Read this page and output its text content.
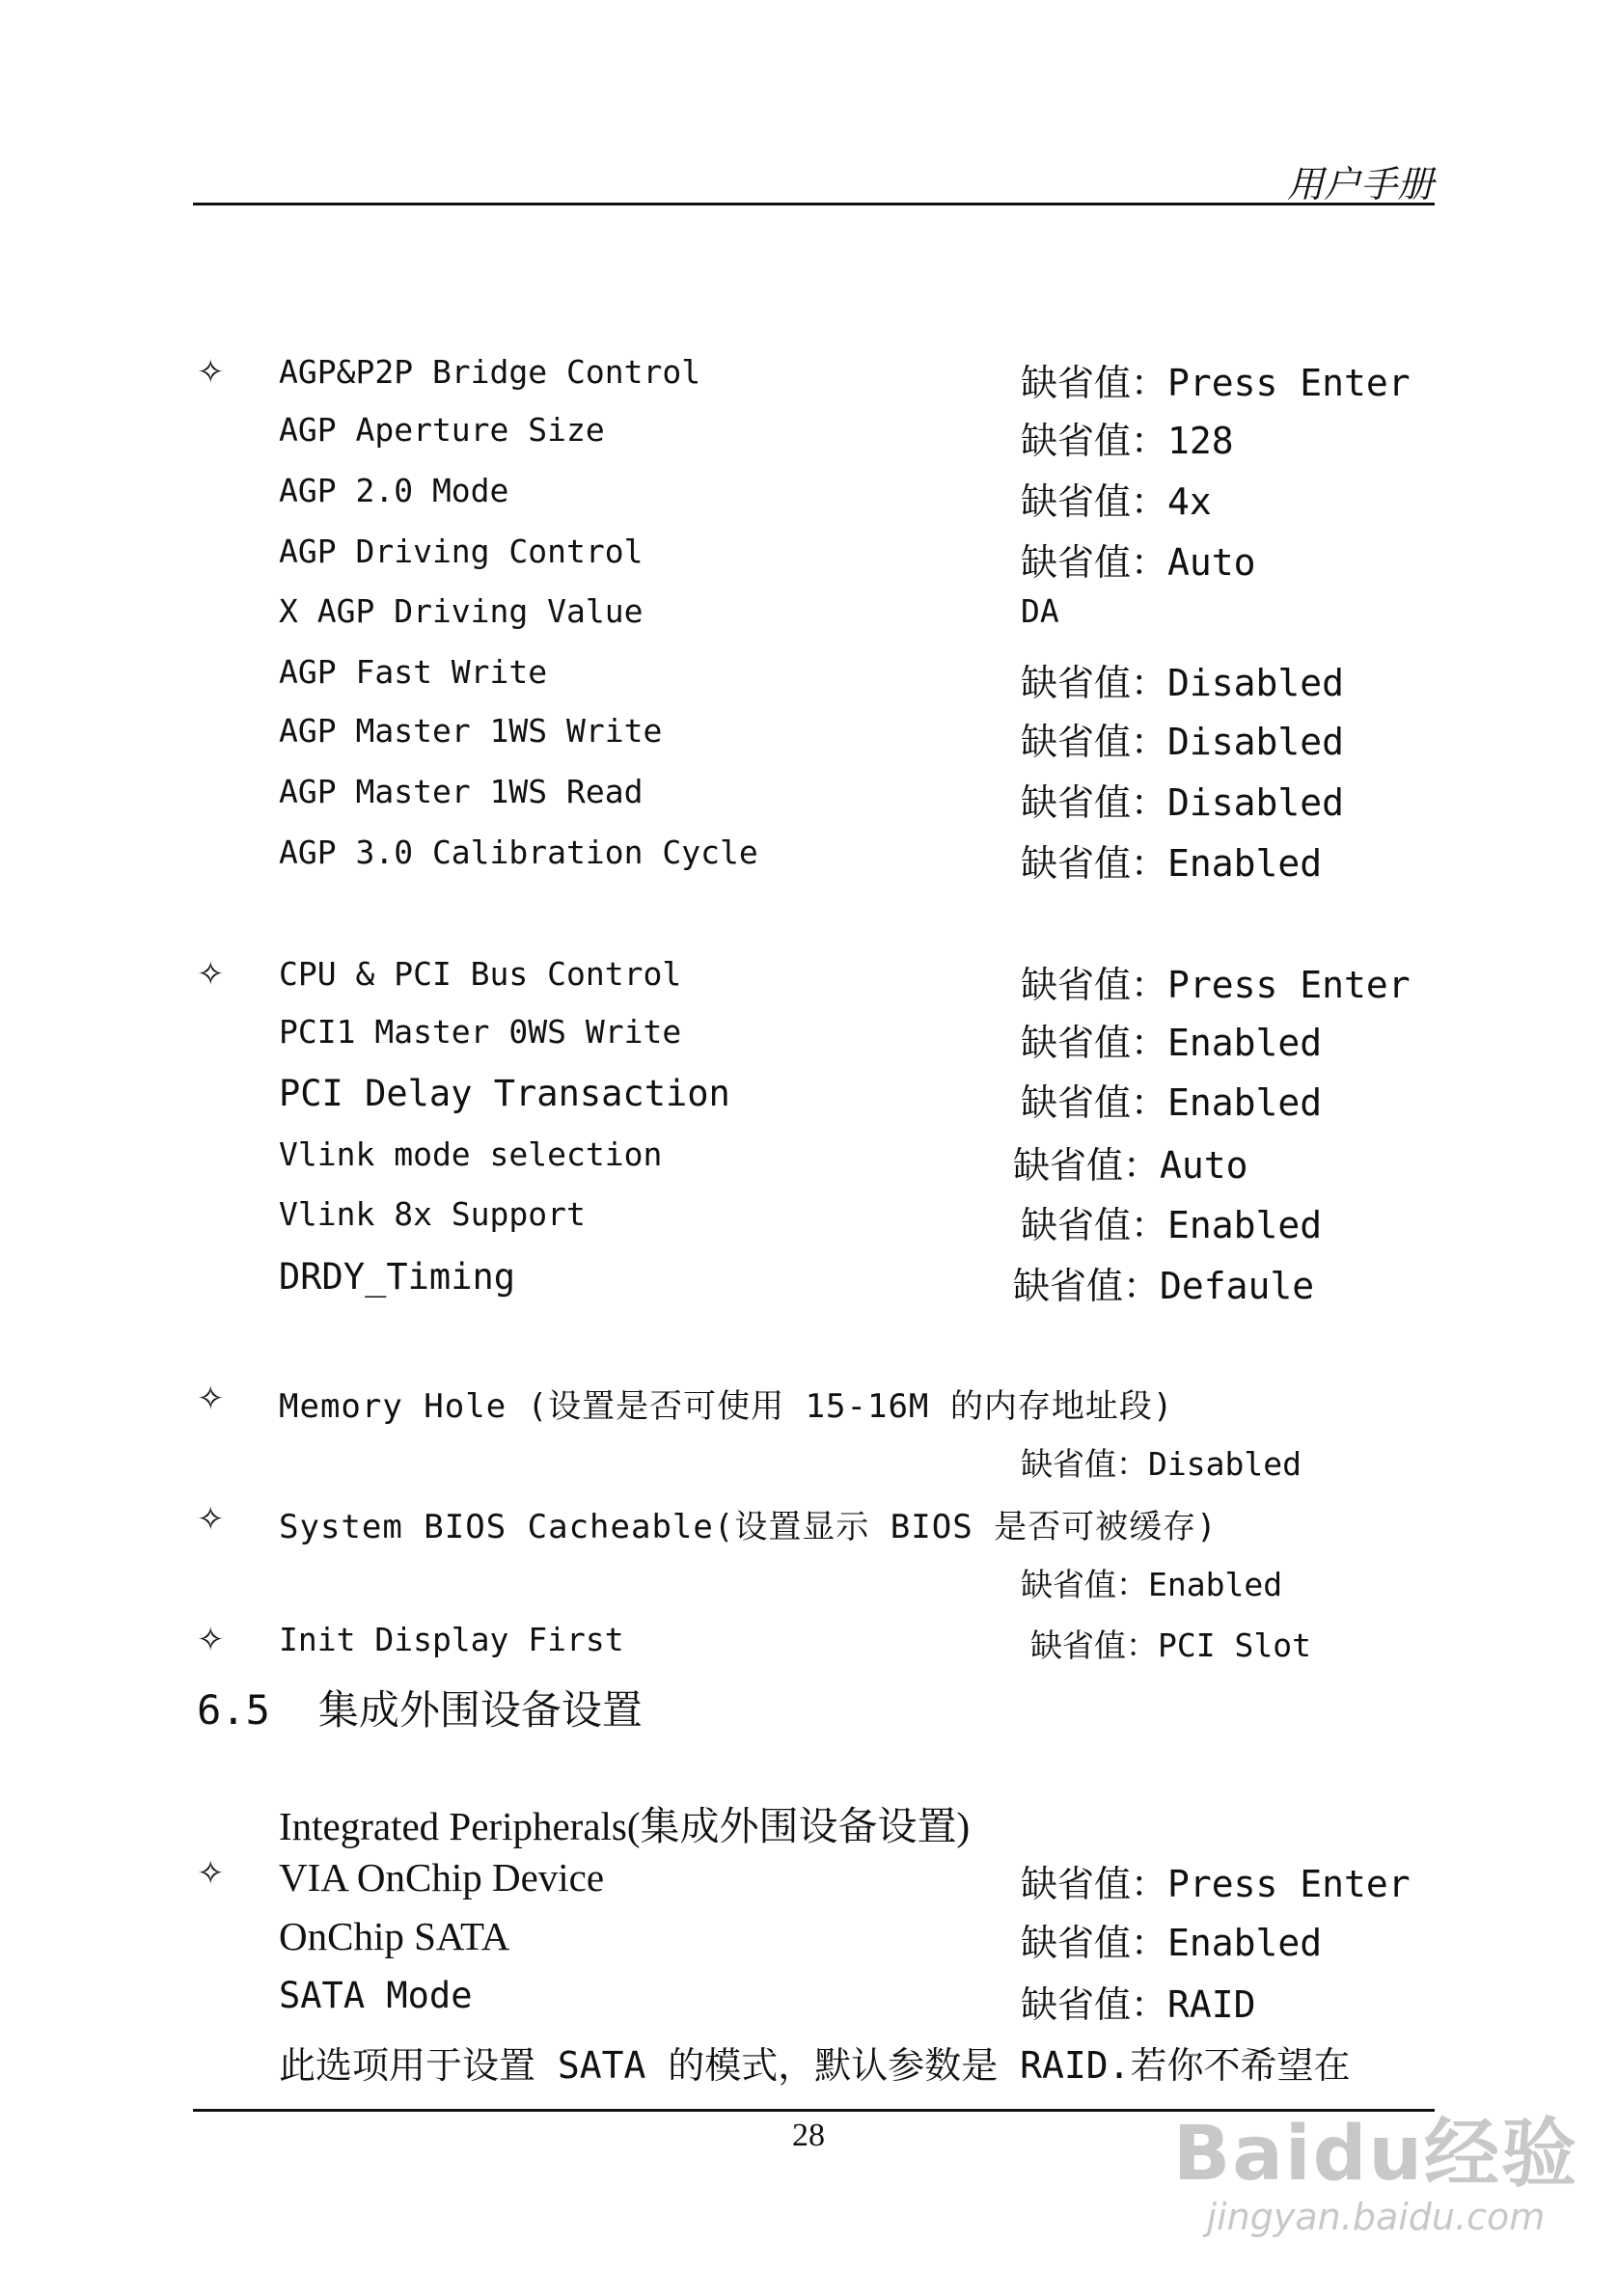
用户手册
✧ AGP&P2P Bridge Control	缺省值：Press Enter
AGP Aperture Size	缺省值：128
AGP 2.0 Mode	缺省值：4x
AGP Driving Control	缺省值：Auto
X AGP Driving Value	DA
AGP Fast Write	缺省值：Disabled
AGP Master 1WS Write	缺省值：Disabled
AGP Master 1WS Read	缺省值：Disabled
AGP 3.0 Calibration Cycle	缺省值：Enabled
✧ CPU & PCI Bus Control	缺省值：Press Enter
PCI1 Master 0WS Write	缺省值：Enabled
PCI Delay Transaction	缺省值：Enabled
Vlink mode selection	缺省值：Auto
Vlink 8x Support	缺省值：Enabled
DRDY_Timing	缺省值：Defaule
✧ Memory Hole (设置是否可使用 15-16M 的内存地址段)
缺省值：Disabled
✧ System BIOS Cacheable(设置显示 BIOS 是否可被缓存)
缺省值：Enabled
✧ Init Display First	缺省值：PCI Slot
6.5 集成外围设备设置
Integrated Peripherals(集成外围设备设置)
✧ VIA OnChip Device	缺省值：Press Enter
OnChip SATA	缺省值：Enabled
SATA Mode	缺省值：RAID
此选项用于设置 SATA 的模式，默认参数是 RAID.若你不希望在
28	Baidu经验
jingyan.baidu.com
